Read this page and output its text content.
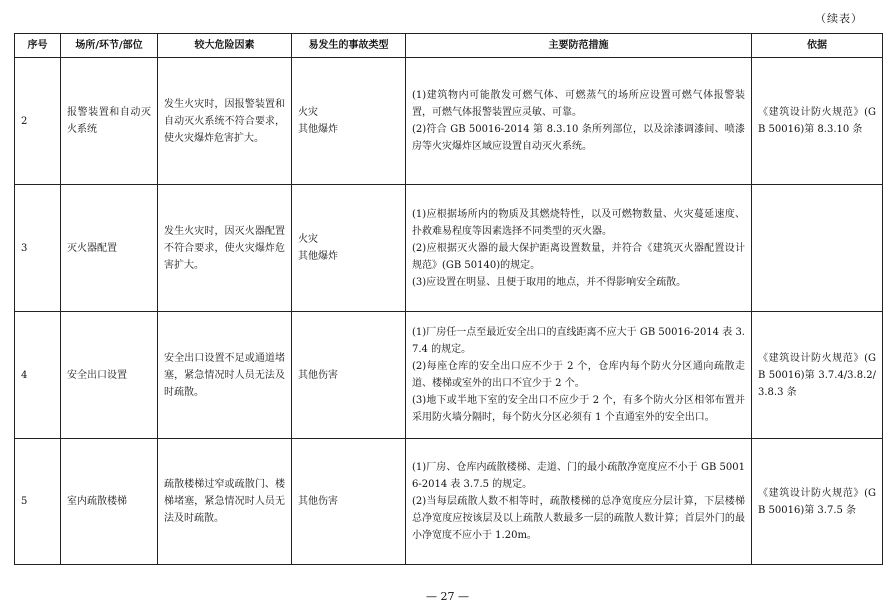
（续表）
序号	场所/环节/部位	较大危险因素	易发生的事故类型	主要防范措施	依据
2	报警装置和自动灭火系统	发生火灾时，因报警装置和自动灭火系统不符合要求，使火灾爆炸危害扩大。	火灾
其他爆炸	(1)建筑物内可能散发可燃气体、可燃蒸气的场所应设置可燃气体报警装置，可燃气体报警装置应灵敏、可靠。
(2)符合 GB 50016-2014 第 8.3.10 条所列部位，以及涂漆调漆间、喷漆房等火灾爆炸区域应设置自动灭火系统。	《建筑设计防火规范》(GB 50016)第 8.3.10 条
3	灭火器配置	发生火灾时，因灭火器配置不符合要求，使火灾爆炸危害扩大。	火灾
其他爆炸	(1)应根据场所内的物质及其燃烧特性，以及可燃物数量、火灾蔓延速度、扑救难易程度等因素选择不同类型的灭火器。
(2)应根据灭火器的最大保护距离设置数量，并符合《建筑灭火器配置设计规范》(GB 50140)的规定。
(3)应设置在明显、且便于取用的地点，并不得影响安全疏散。	

4	安全出口设置	安全出口设置不足或通道堵塞，紧急情况时人员无法及时疏散。	其他伤害	(1)厂房任一点至最近安全出口的直线距离不应大于 GB 50016-2014 表 3.7.4 的规定。
(2)每座仓库的安全出口应不少于 2 个，仓库内每个防火分区通向疏散走道、楼梯或室外的出口不宜少于 2 个。
(3)地下或半地下室的安全出口不应少于 2 个，有多个防火分区相邻布置并采用防火墙分隔时，每个防火分区必须有 1 个直通室外的安全出口。	《建筑设计防火规范》(GB 50016)第 3.7.4/3.8.2/3.8.3 条
5	室内疏散楼梯	疏散楼梯过窄或疏散门、楼梯堵塞，紧急情况时人员无法及时疏散。	其他伤害	(1)厂房、仓库内疏散楼梯、走道、门的最小疏散净宽度应不小于 GB 50016-2014 表 3.7.5 的规定。
(2)当每层疏散人数不相等时，疏散楼梯的总净宽度应分层计算，下层楼梯总净宽度应按该层及以上疏散人数最多一层的疏散人数计算；首层外门的最小净宽度不应小于 1.20m。	《建筑设计防火规范》(GB 50016)第 3.7.5 条
— 27 —
